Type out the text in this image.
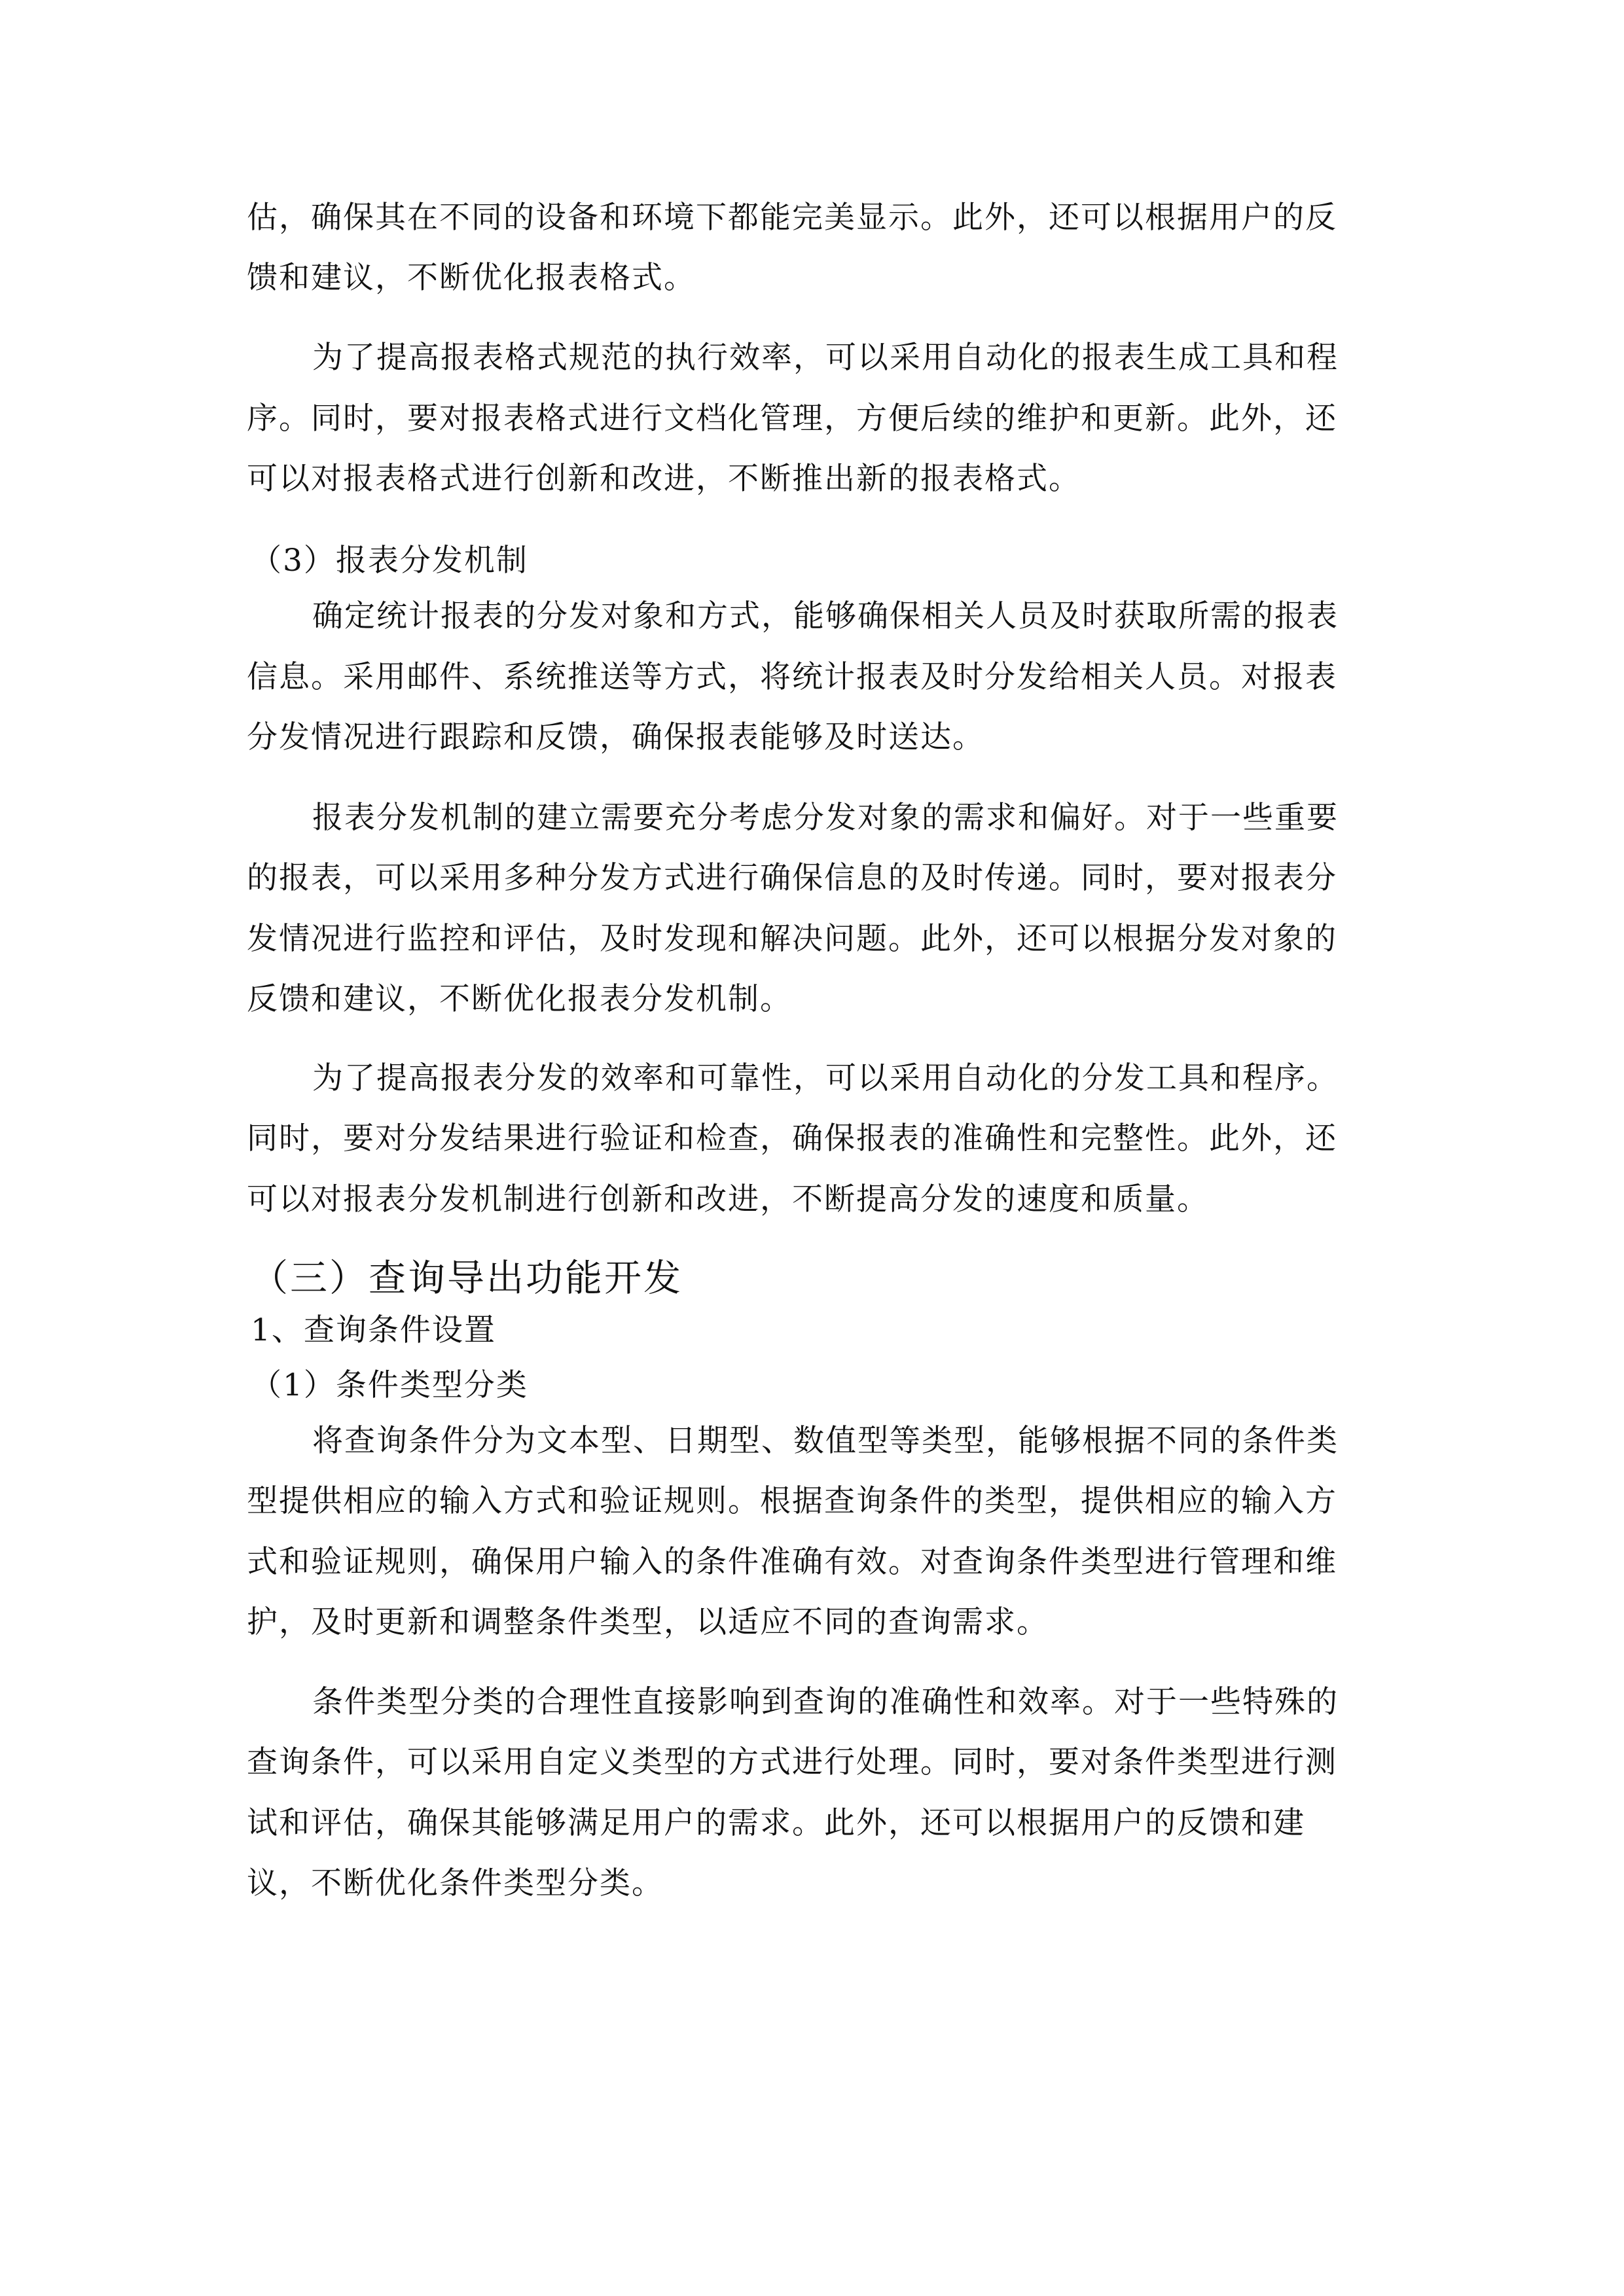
估，确保其在不同的设备和环境下都能完美显示。此外，还可以根据用户的反

馈和建议，不断优化报表格式。

为了提高报表格式规范的执行效率，可以采用自动化的报表生成工具和程

序。同时，要对报表格式进行文档化管理，方便后续的维护和更新。此外，还

可以对报表格式进行创新和改进，不断推出新的报表格式。

（3）报表分发机制

确定统计报表的分发对象和方式，能够确保相关人员及时获取所需的报表

信息。采用邮件、系统推送等方式，将统计报表及时分发给相关人员。对报表

分发情况进行跟踪和反馈，确保报表能够及时送达。

报表分发机制的建立需要充分考虑分发对象的需求和偏好。对于一些重要

的报表，可以采用多种分发方式进行确保信息的及时传递。同时，要对报表分

发情况进行监控和评估，及时发现和解决问题。此外，还可以根据分发对象的

反馈和建议，不断优化报表分发机制。

为了提高报表分发的效率和可靠性，可以采用自动化的分发工具和程序。

同时，要对分发结果进行验证和检查，确保报表的准确性和完整性。此外，还

可以对报表分发机制进行创新和改进，不断提高分发的速度和质量。

（三）查询导出功能开发

1、查询条件设置

（1）条件类型分类

将查询条件分为文本型、日期型、数值型等类型，能够根据不同的条件类

型提供相应的输入方式和验证规则。根据查询条件的类型，提供相应的输入方

式和验证规则，确保用户输入的条件准确有效。对查询条件类型进行管理和维

护，及时更新和调整条件类型，以适应不同的查询需求。

条件类型分类的合理性直接影响到查询的准确性和效率。对于一些特殊的

查询条件，可以采用自定义类型的方式进行处理。同时，要对条件类型进行测

试和评估，确保其能够满足用户的需求。此外，还可以根据用户的反馈和建

议，不断优化条件类型分类。
